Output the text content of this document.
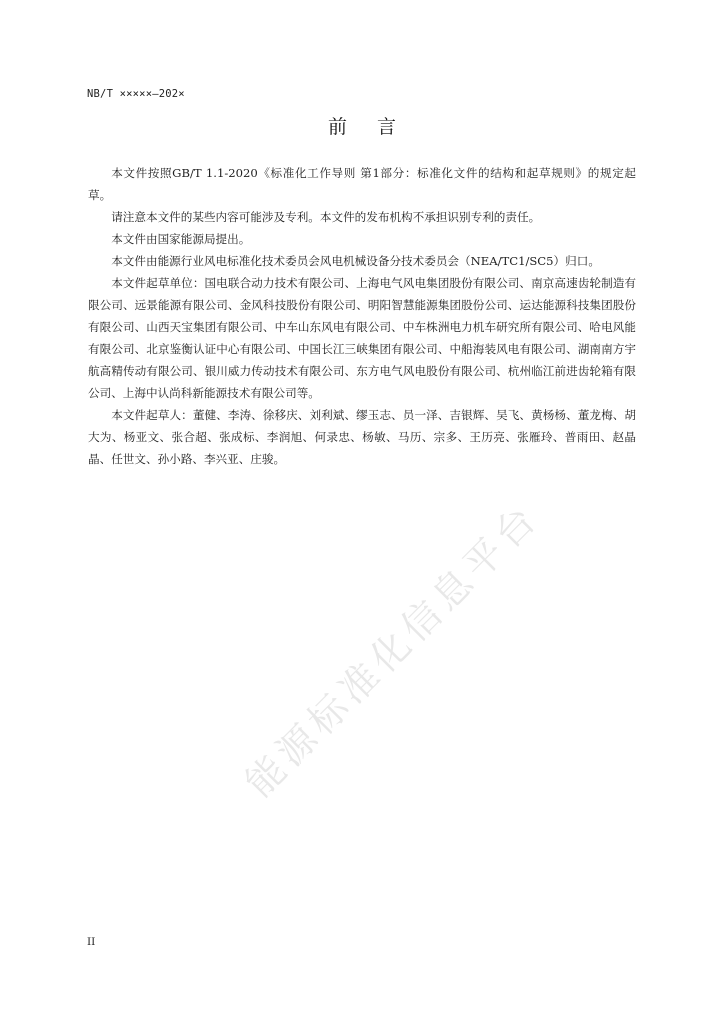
NB/T ×××××—202×
前言

本文件按照GB/T 1.1-2020《标准化工作导则 第1部分：标准化文件的结构和起草规则》的规定起草。

请注意本文件的某些内容可能涉及专利。本文件的发布机构不承担识别专利的责任。

本文件由国家能源局提出。

本文件由能源行业风电标准化技术委员会风电机械设备分技术委员会（NEA/TC1/SC5）归口。

本文件起草单位：国电联合动力技术有限公司、上海电气风电集团股份有限公司、南京高速齿轮制造有限公司、远景能源有限公司、金风科技股份有限公司、明阳智慧能源集团股份公司、运达能源科技集团股份有限公司、山西天宝集团有限公司、中车山东风电有限公司、中车株洲电力机车研究所有限公司、哈电风能有限公司、北京鉴衡认证中心有限公司、中国长江三峡集团有限公司、中船海装风电有限公司、湖南南方宇航高精传动有限公司、银川威力传动技术有限公司、东方电气风电股份有限公司、杭州临江前进齿轮箱有限公司、上海中认尚科新能源技术有限公司等。

本文件起草人：董健、李涛、徐移庆、刘利斌、缪玉志、员一泽、吉银辉、吴飞、黄杨杨、董龙梅、胡大为、杨亚文、张合超、张成标、李润旭、何录忠、杨敏、马历、宗多、王历亮、张雁玲、普雨田、赵晶晶、任世文、孙小路、李兴亚、庄骏。

能源标准化信息平台
II
